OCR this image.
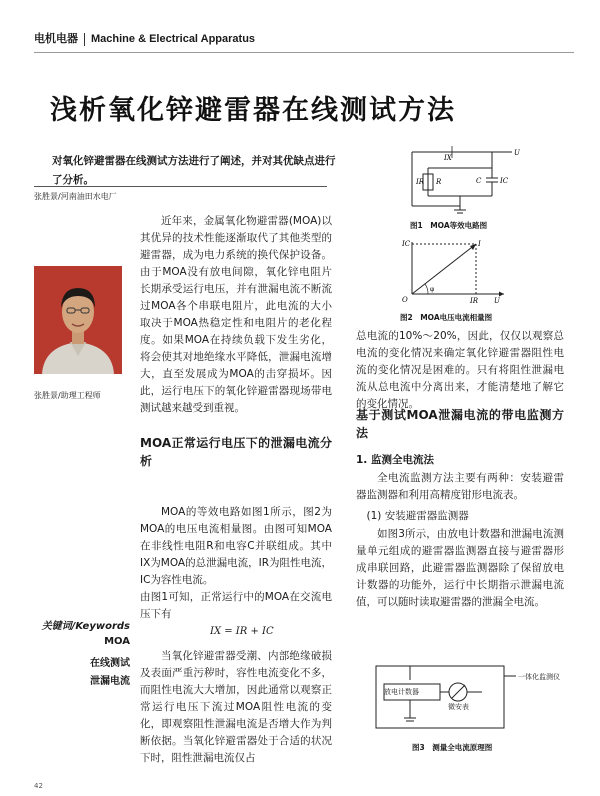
电机电器 Machine & Electrical Apparatus
浅析氧化锌避雷器在线测试方法
对氧化锌避雷器在线测试方法进行了阐述，并对其优缺点进行了分析。
张胜景/河南油田水电厂
张胜景/助理工程师
近年来，金属氧化物避雷器(MOA)以其优异的技术性能逐渐取代了其他类型的避雷器，成为电力系统的换代保护设备。由于MOA没有放电间隙，氧化锌电阻片长期承受运行电压，并有泄漏电流不断流过MOA各个串联电阻片，此电流的大小取决于MOA热稳定性和电阻片的老化程度。如果MOA在持续负载下发生劣化，将会使其对地绝缘水平降低，泄漏电流增大，直至发展成为MOA的击穿损坏。因此，运行电压下的氧化锌避雷器现场带电测试越来越受到重视。
MOA正常运行电压下的泄漏电流分析
MOA的等效电路如图1所示，图2为MOA的电压电流相量图。由图可知MOA在非线性电阻R和电容C并联组成。其中IX为MOA的总泄漏电流，IR为阻性电流，IC为容性电流。
由图1可知，正常运行中的MOA在交流电压下有
IX = IR + IC
当氧化锌避雷器受潮、内部绝缘破损及表面严重污秽时，容性电流变化不多，而阻性电流大大增加，因此通常以观察正常运行电压下流过MOA阻性电流的变化，即观察阻性泄漏电流是否增大作为判断依据。当氧化锌避雷器处于合适的状况下时，阻性泄漏电流仅占
关键词/Keywords
MOA
在线测试
泄漏电流
IX
U
IR R	C	IC
图1　MOA等效电路图
IC	I
O
φ
IR U
图2　MOA电压电流相量图
总电流的10%～20%，因此，仅仅以观察总电流的变化情况来确定氧化锌避雷器阻性电流的变化情况是困难的。只有将阻性泄漏电流从总电流中分离出来，才能清楚地了解它的变化情况。
基于测试MOA泄漏电流的带电监测方法
1. 监测全电流法
全电流监测方法主要有两种：安装避雷器监测器和利用高精度钳形电流表。
(1) 安装避雷器监测器
如图3所示，由放电计数器和泄漏电流测量单元组成的避雷器监测器直接与避雷器形成串联回路，此避雷器监测器除了保留放电计数器的功能外，运行中长期指示泄漏电流值，可以随时读取避雷器的泄漏全电流。
放电计数器
微安表
一体化监测仪
图3　测量全电流原理图
42
